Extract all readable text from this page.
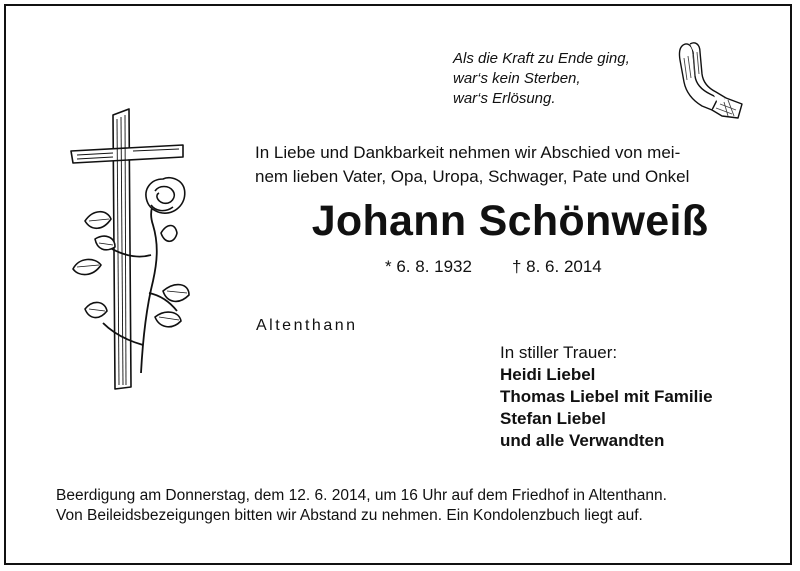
Als die Kraft zu Ende ging,
war‘s kein Sterben,
war‘s Erlösung.
In Liebe und Dankbarkeit nehmen wir Abschied von mei-
nem lieben Vater, Opa, Uropa, Schwager, Pate und Onkel
Johann Schönweiß
* 6. 8. 1932 † 8. 6. 2014
Altenthann
In stiller Trauer:
Heidi Liebel
Thomas Liebel mit Familie
Stefan Liebel
und alle Verwandten
Beerdigung am Donnerstag, dem 12. 6. 2014, um 16 Uhr auf dem Friedhof in Altenthann.
Von Beileidsbezeigungen bitten wir Abstand zu nehmen. Ein Kondolenzbuch liegt auf.
